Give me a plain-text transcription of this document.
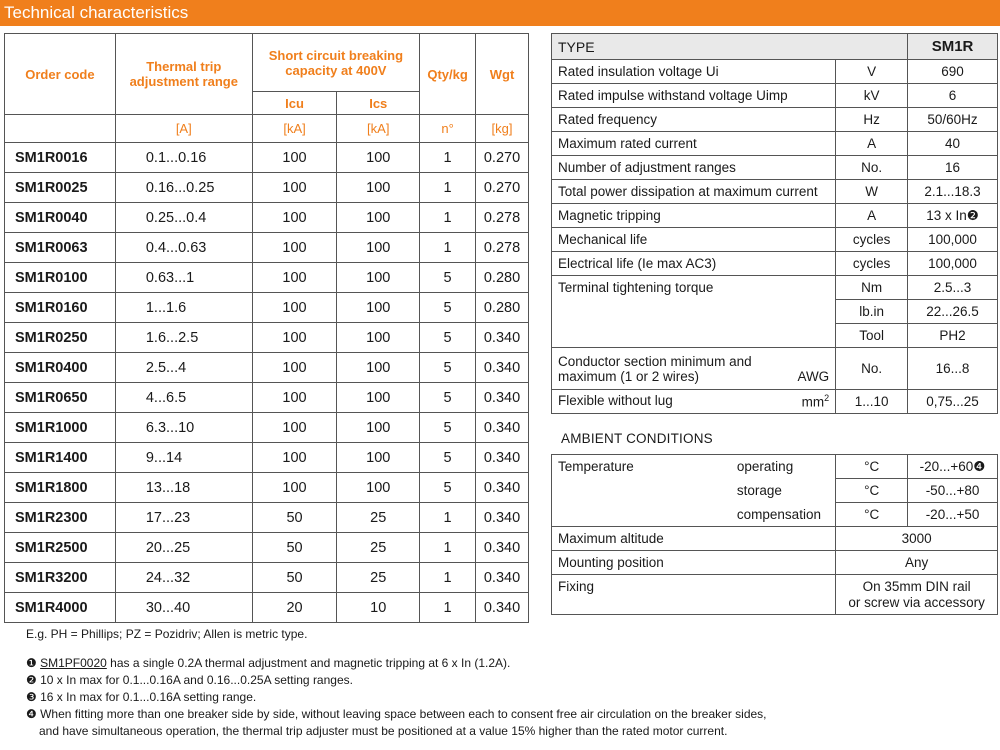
Technical characteristics
Order code	Thermal trip adjustment range	Short circuit breaking capacity at 400V		Qty/kg	Wgt
		Icu	Ics		
	[A]	[kA]	[kA]	n°	[kg]
SM1R0016	0.1...0.16	100	100	1	0.270
SM1R0025	0.16...0.25	100	100	1	0.270
SM1R0040	0.25...0.4	100	100	1	0.278
SM1R0063	0.4...0.63	100	100	1	0.278
SM1R0100	0.63...1	100	100	5	0.280
SM1R0160	1...1.6	100	100	5	0.280
SM1R0250	1.6...2.5	100	100	5	0.340
SM1R0400	2.5...4	100	100	5	0.340
SM1R0650	4...6.5	100	100	5	0.340
SM1R1000	6.3...10	100	100	5	0.340
SM1R1400	9...14	100	100	5	0.340
SM1R1800	13...18	100	100	5	0.340
SM1R2300	17...23	50	25	1	0.340
SM1R2500	20...25	50	25	1	0.340
SM1R3200	24...32	50	25	1	0.340
SM1R4000	30...40	20	10	1	0.340
TYPE		SM1R
Rated insulation voltage Ui	V	690
Rated impulse withstand voltage Uimp	kV	6
Rated frequency	Hz	50/60Hz
Maximum rated current	A	40
Number of adjustment ranges	No.	16
Total power dissipation at maximum current	W	2.1...18.3
Magnetic tripping	A	13 x In❷
Mechanical life	cycles	100,000
Electrical life (Ie max AC3)	cycles	100,000
Terminal tightening torque	Nm	2.5...3
	lb.in	22...26.5
	Tool	PH2

Conductor section minimum and
maximum (1 or 2 wires) AWG	No.	16...8

Flexible without lug $mm^2$	1...10	0,75...25
AMBIENT CONDITIONS
Temperature	operating	°C	-20...+60❹
	storage	°C	-50...+80
	compensation	°C	-20...+50
Maximum altitude		3000	
Mounting position		Any	
Fixing		On 35mm DIN rail
or screw via accessory	

E.g. PH = Phillips; PZ = Pozidriv; Allen is metric type.

❶ SM1PF0020 has a single 0.2A thermal adjustment and magnetic tripping at 6 x In (1.2A).

❷ 10 x In max for 0.1...0.16A and 0.16...0.25A setting ranges.

❸ 16 x In max for 0.1...0.16A setting range.

❹ When fitting more than one breaker side by side, without leaving space between each to consent free air circulation on the breaker sides,

and have simultaneous operation, the thermal trip adjuster must be positioned at a value 15% higher than the rated motor current.
